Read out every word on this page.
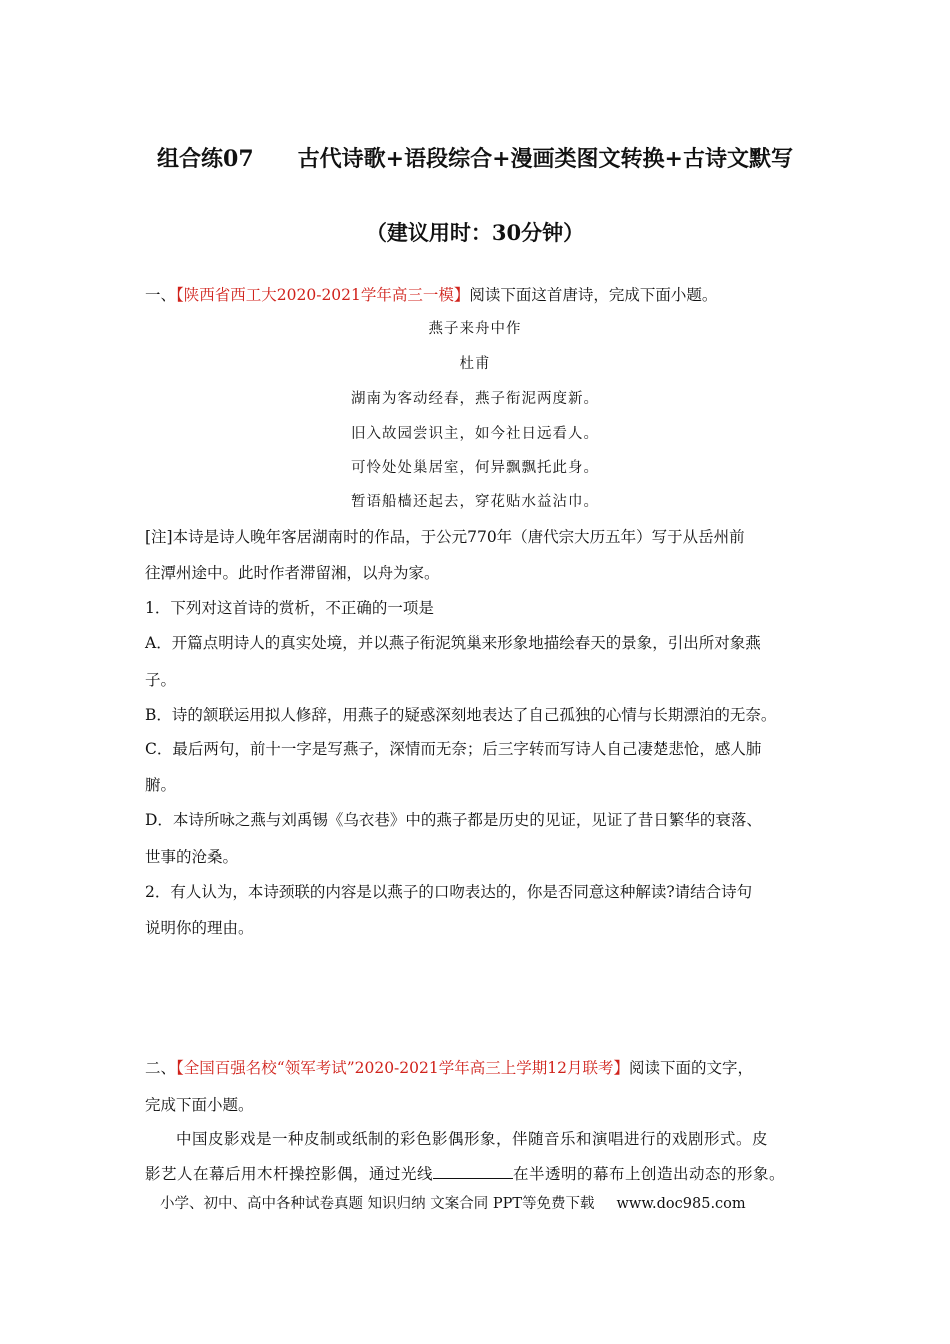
组合练07　　古代诗歌+语段综合+漫画类图文转换+古诗文默写
（建议用时：30分钟）
一、【陕西省西工大2020-2021学年高三一模】阅读下面这首唐诗，完成下面小题。
燕子来舟中作
杜甫
湖南为客动经春，燕子衔泥两度新。
旧入故园尝识主，如今社日远看人。
可怜处处巢居室，何异飘飘托此身。
暂语船樯还起去，穿花贴水益沾巾。
[注]本诗是诗人晚年客居湖南时的作品，于公元770年（唐代宗大历五年）写于从岳州前
往潭州途中。此时作者滞留湘，以舟为家。
1．下列对这首诗的赏析，不正确的一项是
A．开篇点明诗人的真实处境，并以燕子衔泥筑巢来形象地描绘春天的景象，引出所对象燕
子。
B．诗的颔联运用拟人修辞，用燕子的疑惑深刻地表达了自己孤独的心情与长期漂泊的无奈。
C．最后两句，前十一字是写燕子，深情而无奈；后三字转而写诗人自己凄楚悲怆，感人肺
腑。
D．本诗所咏之燕与刘禹锡《乌衣巷》中的燕子都是历史的见证，见证了昔日繁华的衰落、
世事的沧桑。
2．有人认为，本诗颈联的内容是以燕子的口吻表达的，你是否同意这种解读?请结合诗句
说明你的理由。
二、【全国百强名校“领军考试”2020-2021学年高三上学期12月联考】阅读下面的文字，
完成下面小题。
中国皮影戏是一种皮制或纸制的彩色影偶形象，伴随音乐和演唱进行的戏剧形式。皮
影艺人在幕后用木杆操控影偶，通过光线	在半透明的幕布上创造出动态的形象。
小学、初中、高中各种试卷真题 知识归纳 文案合同 PPT等免费下载 www.doc985.com
